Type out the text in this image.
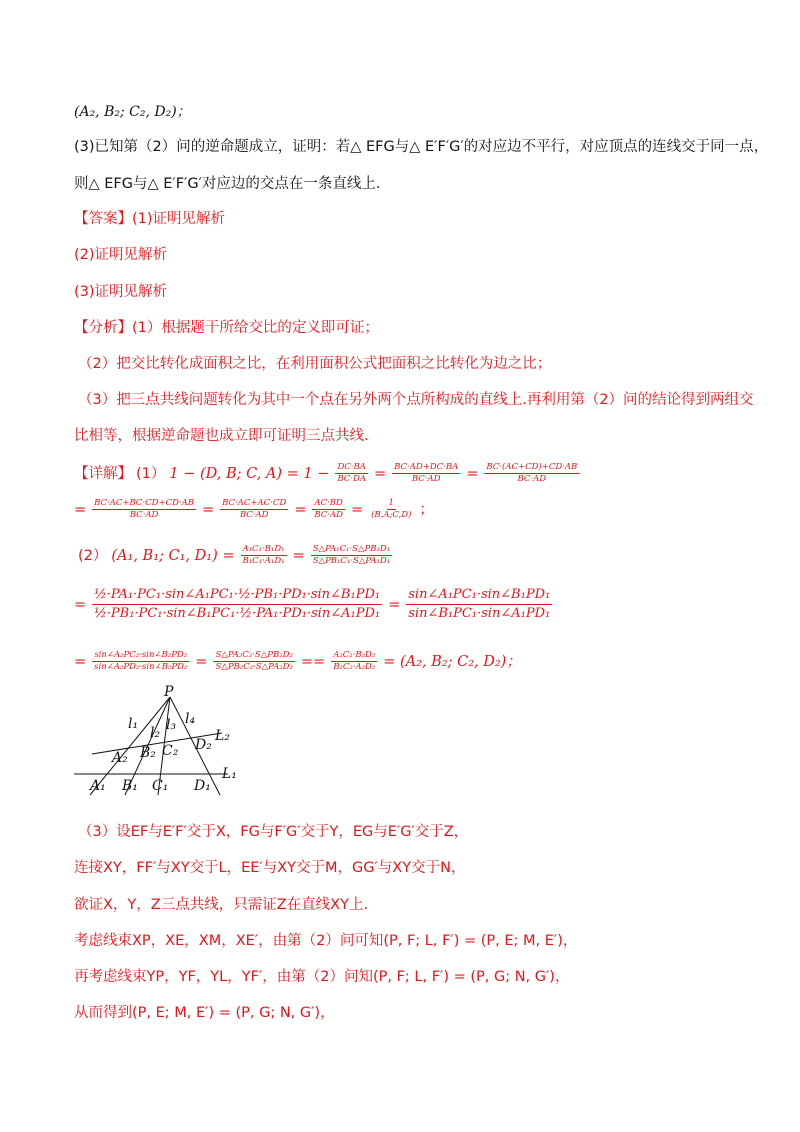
(A₂, B₂; C₂, D₂)；
(3)已知第（2）问的逆命题成立，证明：若△ EFG与△ E′F′G′的对应边不平行，对应顶点的连线交于同一点，
则△ EFG与△ E′F′G′对应边的交点在一条直线上．
【答案】(1)证明见解析
(2)证明见解析
(3)证明见解析
【分析】(1）根据题干所给交比的定义即可证；
（2）把交比转化成面积之比，在利用面积公式把面积之比转化为边之比；
（3）把三点共线问题转化为其中一个点在另外两个点所构成的直线上.再利用第（2）问的结论得到两组交
比相等，根据逆命题也成立即可证明三点共线.
【详解】 (1） 1 − (D, B; C, $A) = 1 - \frac{DC\cdot BA}{BC\cdot DA} = \frac{BC\cdot AD+DC\cdot BA}{BC\cdot AD} = \frac{BC\cdot(AC+CD)+CD\cdot AB}{BC\cdot AD}$
= $\frac{BC\cdot AC+BC\cdot CD+CD\cdot AB}{BC\cdot AD} = \frac{BC\cdot AC+AC\cdot CD}{BC\cdot AD} = \frac{AC\cdot BD}{BC\cdot AD} = \frac{1}{(B,A;C,D)}$ ；
(2） (A₁, B₁; C₁, $D_1) = \frac{\text{A₁C₁·B₁D₁}}{\text{B₁C₁·A₁D₁}} = \frac{\text{S△PA₁C₁·S△PB₁D₁}}{\text{S△PB₁C₁·S△PA₁D₁}}$
= $\frac{\text{½·PA₁·PC₁·sin∠A₁PC₁·½·PB₁·PD₁·sin∠B₁PD₁}}{\text{½·PB₁·PC₁·sin∠B₁PC₁·½·PA₁·PD₁·sin∠A₁PD₁}} = \frac{\text{sin∠A₁PC₁·sin∠B₁PD₁}}{\text{sin∠B₁PC₁·sin∠A₁PD₁}}$
= $\frac{\text{sin∠A₂PC₂·sin∠B₂PD₂}}{\text{sin∠A₂PD₂·sin∠B₂PD₂}} = \frac{\text{S△PA₂C₂·S△PB₂D₂}}{\text{S△PB₂C₂·S△PA₂D₂}} == \frac{\text{A₂C₂·B₂D₂}}{\text{B₂C₂·A₂D₂}} = (A_2$, B₂; C₂, D₂)；
P
l₁
l₂ l₃ l₄
L₂
L₁
A₂ B₂ C₂ D₂
A₁ B₁ C₁ D₁
（3）设EF与E′F′交于X，FG与F′G′交于Y，EG与E′G′交于Z，
连接XY，FF′与XY交于L，EE′与XY交于M，GG′与XY交于N，
欲证X，Y，Z三点共线，只需证Z在直线XY上.
考虑线束XP，XE，XM，XE′，由第（2）问可知(P, F; L, F′) = (P, E; M, E′)，
再考虑线束YP，YF，YL，YF′，由第（2）问知(P, F; L, F′) = (P, G; N, G′)，
从而得到(P, E; M, E′) = (P, G; N, G′)，
